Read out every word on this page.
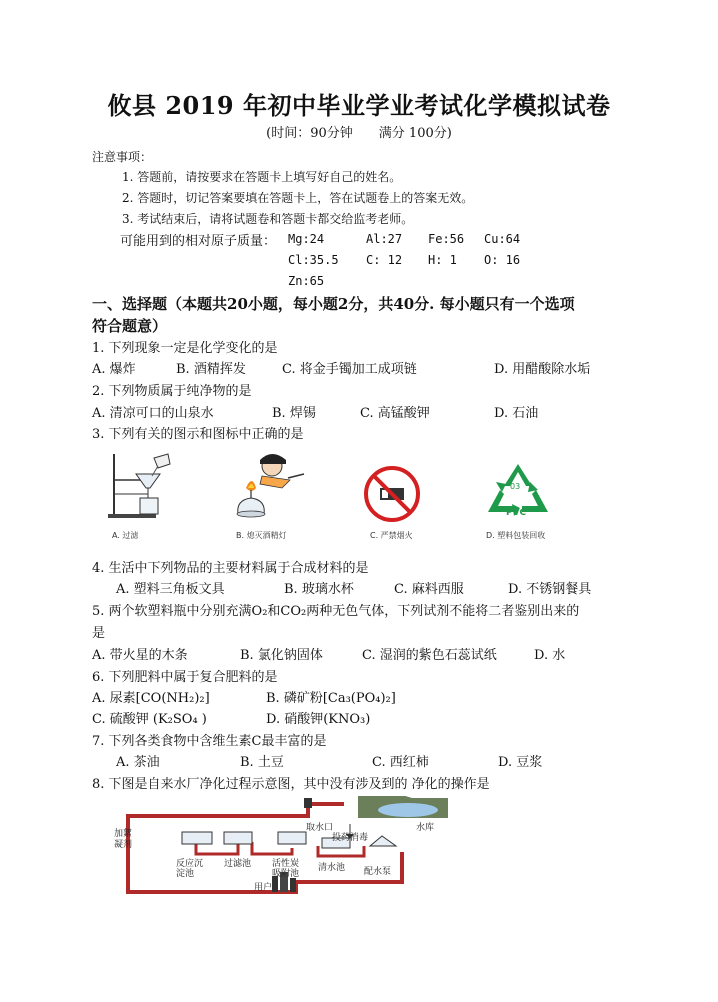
攸县 2019 年初中毕业学业考试化学模拟试卷
(时间：90分钟　　满分 100分)
注意事项：
1. 答题前，请按要求在答题卡上填写好自己的姓名。
2. 答题时，切记答案要填在答题卡上，答在试题卷上的答案无效。
3. 考试结束后，请将试题卷和答题卡都交给监考老师。
可能用到的相对原子质量： Mg:24	Al:27 Fe:56 Cu:64
Cl:35.5 C: 12 H: 1 O: 16
Zn:65
一、选择题（本题共20小题，每小题2分，共40分. 每小题只有一个选项
符合题意）
1. 下列现象一定是化学变化的是
A. 爆炸	B. 酒精挥发	C. 将金手镯加工成项链	D. 用醋酸除水垢
2. 下列物质属于纯净物的是
A. 清凉可口的山泉水	B. 焊锡	C. 高锰酸钾	D. 石油
3. 下列有关的图示和图标中正确的是
A. 过滤	B. 熄灭酒精灯	C. 严禁烟火
03
PVC
D. 塑料包装回收
4. 生活中下列物品的主要材料属于合成材料的是
A. 塑料三角板文具	B. 玻璃水杯	C. 麻料西服	D. 不锈钢餐具
5. 两个软塑料瓶中分别充满O₂和CO₂两种无色气体，下列试剂不能将二者鉴别出来的
是
A. 带火星的木条	B. 氯化钠固体	C. 湿润的紫色石蕊试纸	D. 水
6. 下列肥料中属于复合肥料的是
A. 尿素[CO(NH₂)₂]	B. 磷矿粉[Ca₃(PO₄)₂]
C. 硫酸钾 (K₂SO₄ )	D. 硝酸钾(KNO₃)
7. 下列各类食物中含维生素C最丰富的是
A. 茶油	B. 土豆	C. 西红柿	D. 豆浆
8. 下图是自来水厂净化过程示意图，其中没有涉及到的 净化的操作是
加絮
凝剂
取水口	水库
投药消毒
反应沉
淀池
过滤池 活性炭
吸附池
清水池 配水泵
用户
